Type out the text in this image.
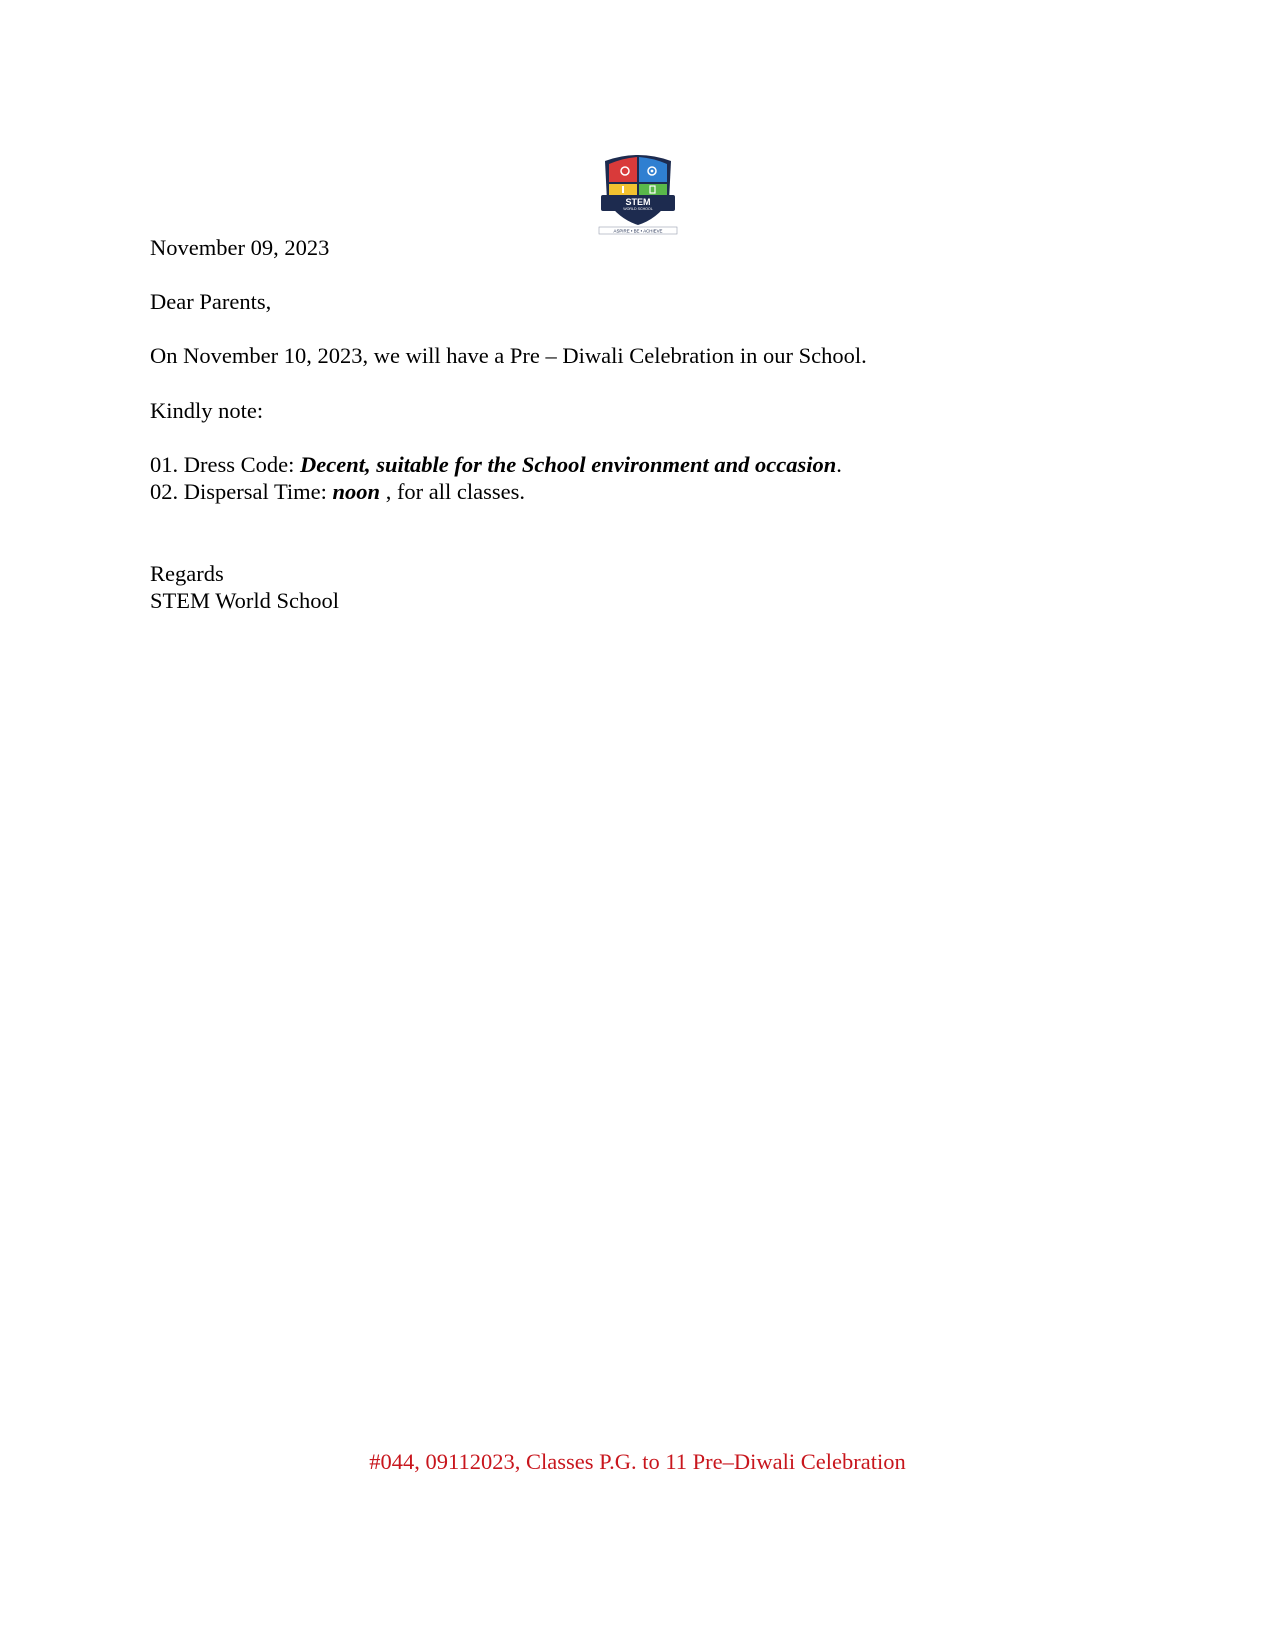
STEM
WORLD SCHOOL
ASPIRE • BE • ACHIEVE
November 09, 2023
Dear Parents,
On November 10, 2023, we will have a Pre – Diwali Celebration in our School.
Kindly note:
01. Dress Code: Decent, suitable for the School environment and occasion.
02. Dispersal Time: noon , for all classes.
Regards
STEM World School
#044, 09112023, Classes P.G. to 11 Pre–Diwali Celebration
